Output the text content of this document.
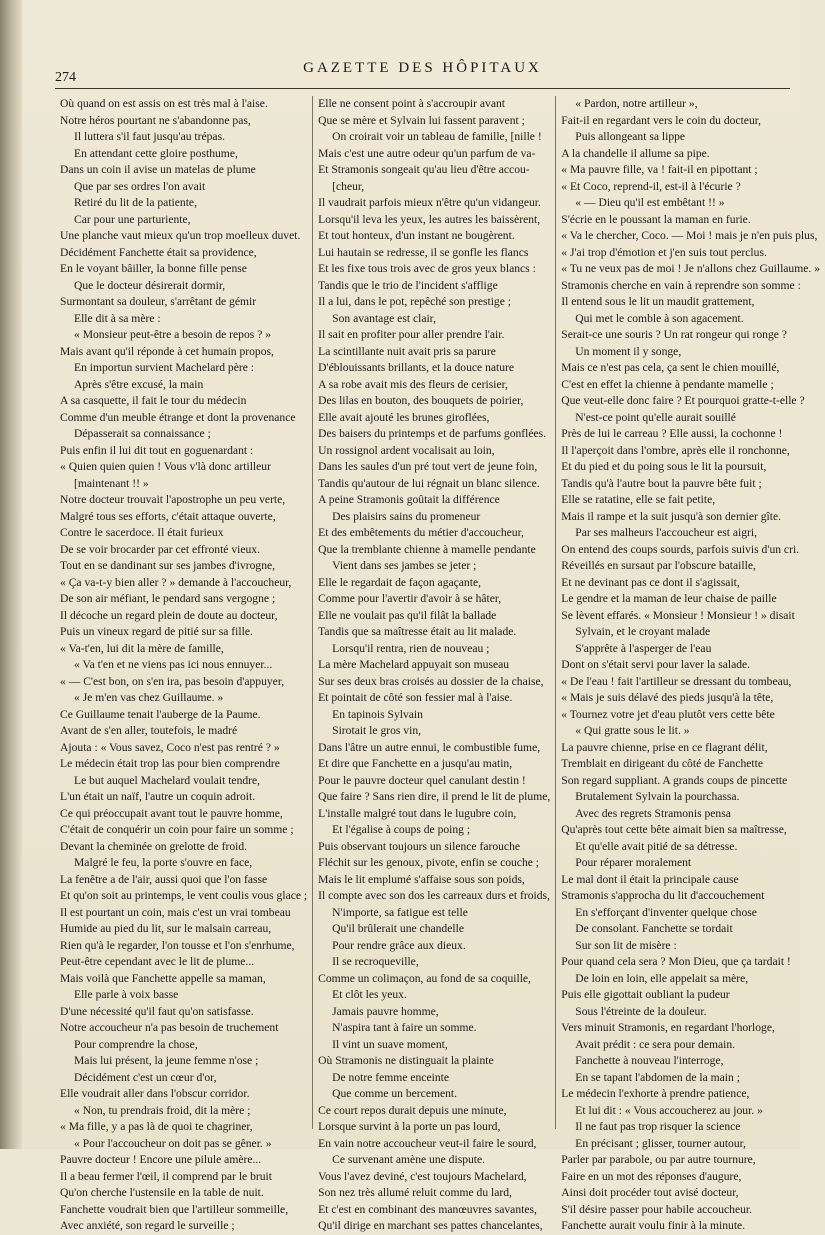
274
GAZETTE DES HÔPITAUX
Où quand on est assis on est très mal à l'aise.
Notre héros pourtant ne s'abandonne pas,
Il luttera s'il faut jusqu'au trépas.
En attendant cette gloire posthume,
Dans un coin il avise un matelas de plume
Que par ses ordres l'on avait
Retiré du lit de la patiente,
Car pour une parturiente,
Une planche vaut mieux qu'un trop moelleux duvet.
Décidément Fanchette était sa providence,
En le voyant bâiller, la bonne fille pense
Que le docteur désirerait dormir,
Surmontant sa douleur, s'arrêtant de gémir
Elle dit à sa mère :
« Monsieur peut-être a besoin de repos ? »
Mais avant qu'il réponde à cet humain propos,
En importun survient Machelard père :
Après s'être excusé, la main
A sa casquette, il fait le tour du médecin
Comme d'un meuble étrange et dont la provenance
Dépasserait sa connaissance ;
Puis enfin il lui dit tout en goguenardant :
« Quien quien quien ! Vous v'là donc artilleur
[maintenant !! »
Notre docteur trouvait l'apostrophe un peu verte,
Malgré tous ses efforts, c'était attaque ouverte,
Contre le sacerdoce. Il était furieux
De se voir brocarder par cet effronté vieux.
Tout en se dandinant sur ses jambes d'ivrogne,
« Ça va-t-y bien aller ? » demande à l'accoucheur,
De son air méfiant, le pendard sans vergogne ;
Il décoche un regard plein de doute au docteur,
Puis un vineux regard de pitié sur sa fille.
« Va-t'en, lui dit la mère de famille,
« Va t'en et ne viens pas ici nous ennuyer...
« — C'est bon, on s'en ira, pas besoin d'appuyer,
« Je m'en vas chez Guillaume. »
Ce Guillaume tenait l'auberge de la Paume.
Avant de s'en aller, toutefois, le madré
Ajouta : « Vous savez, Coco n'est pas rentré ? »
Le médecin était trop las pour bien comprendre
Le but auquel Machelard voulait tendre,
L'un était un naïf, l'autre un coquin adroit.
Ce qui préoccupait avant tout le pauvre homme,
C'était de conquérir un coin pour faire un somme ;
Devant la cheminée on grelotte de froid.
Malgré le feu, la porte s'ouvre en face,
La fenêtre a de l'air, aussi quoi que l'on fasse
Et qu'on soit au printemps, le vent coulis vous glace ;
Il est pourtant un coin, mais c'est un vrai tombeau
Humide au pied du lit, sur le malsain carreau,
Rien qu'à le regarder, l'on tousse et l'on s'enrhume,
Peut-être cependant avec le lit de plume...
Mais voilà que Fanchette appelle sa maman,
Elle parle à voix basse
D'une nécessité qu'il faut qu'on satisfasse.
Notre accoucheur n'a pas besoin de truchement
Pour comprendre la chose,
Mais lui présent, la jeune femme n'ose ;
Décidément c'est un cœur d'or,
Elle voudrait aller dans l'obscur corridor.
« Non, tu prendrais froid, dit la mère ;
« Ma fille, y a pas là de quoi te chagriner,
« Pour l'accoucheur on doit pas se gêner. »
Pauvre docteur ! Encore une pilule amère...
Il a beau fermer l'œil, il comprend par le bruit
Qu'on cherche l'ustensile en la table de nuit.
Fanchette voudrait bien que l'artilleur sommeille,
Avec anxiété, son regard le surveille ;
Elle ne consent point à s'accroupir avant
Que se mère et Sylvain lui fassent paravent ;
On croirait voir un tableau de famille, [nille !
Mais c'est une autre odeur qu'un parfum de va-
Et Stramonis songeait qu'au lieu d'être accou-
[cheur,
Il vaudrait parfois mieux n'être qu'un vidangeur.
Lorsqu'il leva les yeux, les autres les baissèrent,
Et tout honteux, d'un instant ne bougèrent.
Lui hautain se redresse, il se gonfle les flancs
Et les fixe tous trois avec de gros yeux blancs :
Tandis que le trio de l'incident s'afflige
Il a lui, dans le pot, repêché son prestige ;
Son avantage est clair,
Il sait en profiter pour aller prendre l'air.
La scintillante nuit avait pris sa parure
D'éblouissants brillants, et la douce nature
A sa robe avait mis des fleurs de cerisier,
Des lilas en bouton, des bouquets de poirier,
Elle avait ajouté les brunes giroflées,
Des baisers du printemps et de parfums gonflées.
Un rossignol ardent vocalisait au loin,
Dans les saules d'un pré tout vert de jeune foin,
Tandis qu'autour de lui régnait un blanc silence.
A peine Stramonis goûtait la différence
Des plaisirs sains du promeneur
Et des embêtements du métier d'accoucheur,
Que la tremblante chienne à mamelle pendante
Vient dans ses jambes se jeter ;
Elle le regardait de façon agaçante,
Comme pour l'avertir d'avoir à se hâter,
Elle ne voulait pas qu'il filât la ballade
Tandis que sa maîtresse était au lit malade.
Lorsqu'il rentra, rien de nouveau ;
La mère Machelard appuyait son museau
Sur ses deux bras croisés au dossier de la chaise,
Et pointait de côté son fessier mal à l'aise.
En tapinois Sylvain
Sirotait le gros vin,
Dans l'âtre un autre ennui, le combustible fume,
Et dire que Fanchette en a jusqu'au matin,
Pour le pauvre docteur quel canulant destin !
Que faire ? Sans rien dire, il prend le lit de plume,
L'installe malgré tout dans le lugubre coin,
Et l'égalise à coups de poing ;
Puis observant toujours un silence farouche
Fléchit sur les genoux, pivote, enfin se couche ;
Mais le lit emplumé s'affaise sous son poids,
Il compte avec son dos les carreaux durs et froids,
N'importe, sa fatigue est telle
Qu'il brûlerait une chandelle
Pour rendre grâce aux dieux.
Il se recroqueville,
Comme un colimaçon, au fond de sa coquille,
Et clôt les yeux.
Jamais pauvre homme,
N'aspira tant à faire un somme.
Il vint un suave moment,
Où Stramonis ne distinguait la plainte
De notre femme enceinte
Que comme un bercement.
Ce court repos durait depuis une minute,
Lorsque survint à la porte un pas lourd,
En vain notre accoucheur veut-il faire le sourd,
Ce survenant amène une dispute.
Vous l'avez deviné, c'est toujours Machelard,
Son nez très allumé reluit comme du lard,
Et c'est en combinant des manœuvres savantes,
Qu'il dirige en marchant ses pattes chancelantes,
« Pardon, notre artilleur »,
Fait-il en regardant vers le coin du docteur,
Puis allongeant sa lippe
A la chandelle il allume sa pipe.
« Ma pauvre fille, va ! fait-il en pipottant ;
« Et Coco, reprend-il, est-il à l'écurie ?
« — Dieu qu'il est embêtant !! »
S'écrie en le poussant la maman en furie.
« Va le chercher, Coco. — Moi ! mais je n'en puis plus,
« J'ai trop d'émotion et j'en suis tout perclus.
« Tu ne veux pas de moi ! Je n'allons chez Guillaume. »
Stramonis cherche en vain à reprendre son somme :
Il entend sous le lit un maudit grattement,
Qui met le comble à son agacement.
Serait-ce une souris ? Un rat rongeur qui ronge ?
Un moment il y songe,
Mais ce n'est pas cela, ça sent le chien mouillé,
C'est en effet la chienne à pendante mamelle ;
Que veut-elle donc faire ? Et pourquoi gratte-t-elle ?
N'est-ce point qu'elle aurait souillé
Près de lui le carreau ? Elle aussi, la cochonne !
Il l'aperçoit dans l'ombre, après elle il ronchonne,
Et du pied et du poing sous le lit la poursuit,
Tandis qu'à l'autre bout la pauvre bête fuit ;
Elle se ratatine, elle se fait petite,
Mais il rampe et la suit jusqu'à son dernier gîte.
Par ses malheurs l'accoucheur est aigri,
On entend des coups sourds, parfois suivis d'un cri.
Réveillés en sursaut par l'obscure bataille,
Et ne devinant pas ce dont il s'agissait,
Le gendre et la maman de leur chaise de paille
Se lèvent effarés. « Monsieur ! Monsieur ! » disait
Sylvain, et le croyant malade
S'apprête à l'asperger de l'eau
Dont on s'était servi pour laver la salade.
« De l'eau ! fait l'artilleur se dressant du tombeau,
« Mais je suis délavé des pieds jusqu'à la tête,
« Tournez votre jet d'eau plutôt vers cette bête
« Qui gratte sous le lit. »
La pauvre chienne, prise en ce flagrant délit,
Tremblait en dirigeant du côté de Fanchette
Son regard suppliant. A grands coups de pincette
Brutalement Sylvain la pourchassa.
Avec des regrets Stramonis pensa
Qu'après tout cette bête aimait bien sa maîtresse,
Et qu'elle avait pitié de sa détresse.
Pour réparer moralement
Le mal dont il était la principale cause
Stramonis s'approcha du lit d'accouchement
En s'efforçant d'inventer quelque chose
De consolant. Fanchette se tordait
Sur son lit de misère :
Pour quand cela sera ? Mon Dieu, que ça tardait !
De loin en loin, elle appelait sa mère,
Puis elle gigottait oubliant la pudeur
Sous l'étreinte de la douleur.
Vers minuit Stramonis, en regardant l'horloge,
Avait prédit : ce sera pour demain.
Fanchette à nouveau l'interroge,
En se tapant l'abdomen de la main ;
Le médecin l'exhorte à prendre patience,
Et lui dit : « Vous accoucherez au jour. »
Il ne faut pas trop risquer la science
En précisant ; glisser, tourner autour,
Parler par parabole, ou par autre tournure,
Faire en un mot des réponses d'augure,
Ainsi doit procéder tout avisé docteur,
S'il désire passer pour habile accoucheur.
Fanchette aurait voulu finir à la minute.
